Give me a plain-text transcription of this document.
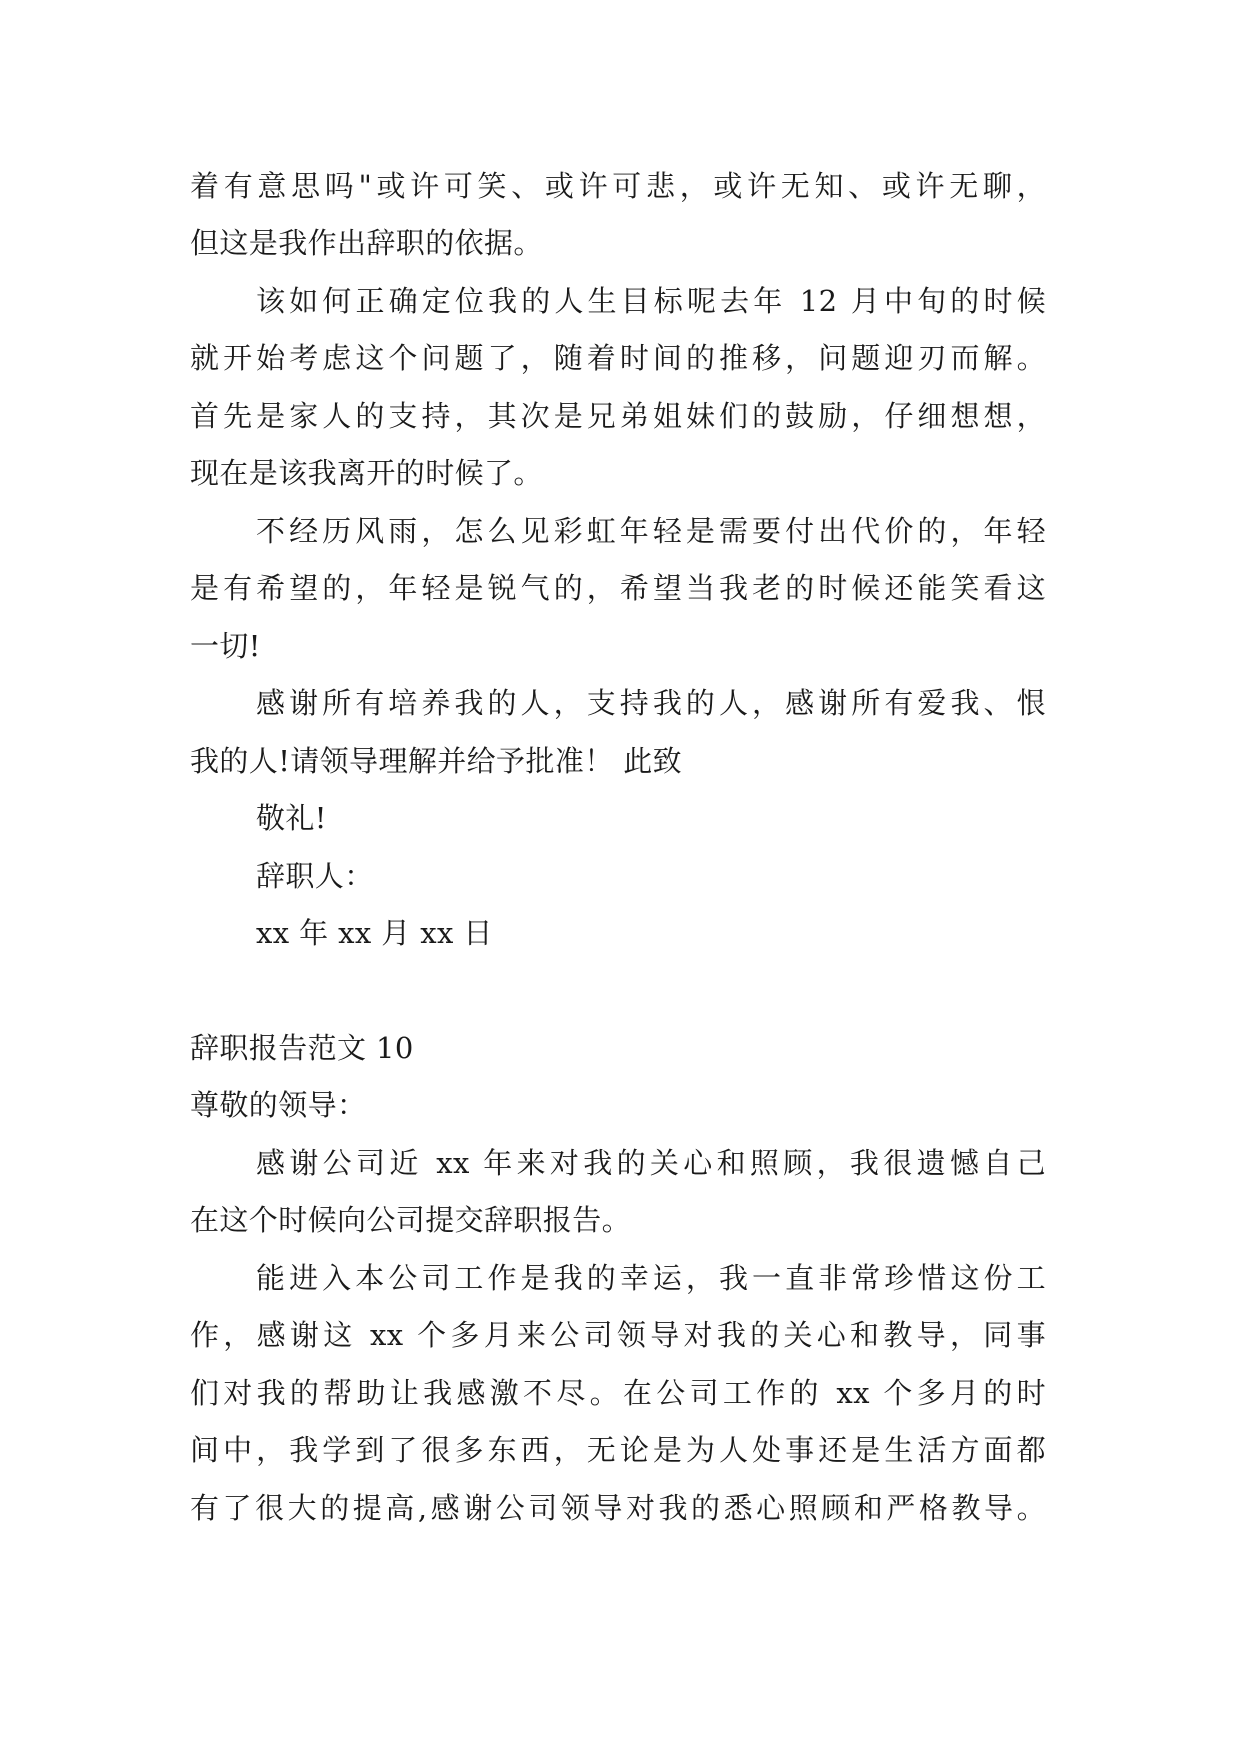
着有意思吗"或许可笑、或许可悲，或许无知、或许无聊，
但这是我作出辞职的依据。
该如何正确定位我的人生目标呢去年 12 月中旬的时候
就开始考虑这个问题了，随着时间的推移，问题迎刃而解。
首先是家人的支持，其次是兄弟姐妹们的鼓励，仔细想想，
现在是该我离开的时候了。
不经历风雨，怎么见彩虹年轻是需要付出代价的，年轻
是有希望的，年轻是锐气的，希望当我老的时候还能笑看这
一切!
感谢所有培养我的人，支持我的人，感谢所有爱我、恨
我的人!请领导理解并给予批准！ 此致
敬礼!
辞职人：
xx 年 xx 月 xx 日
辞职报告范文 10
尊敬的领导：
感谢公司近 xx 年来对我的关心和照顾，我很遗憾自己
在这个时候向公司提交辞职报告。
能进入本公司工作是我的幸运，我一直非常珍惜这份工
作，感谢这 xx 个多月来公司领导对我的关心和教导，同事
们对我的帮助让我感激不尽。在公司工作的 xx 个多月的时
间中，我学到了很多东西，无论是为人处事还是生活方面都
有了很大的提高,感谢公司领导对我的悉心照顾和严格教导。
